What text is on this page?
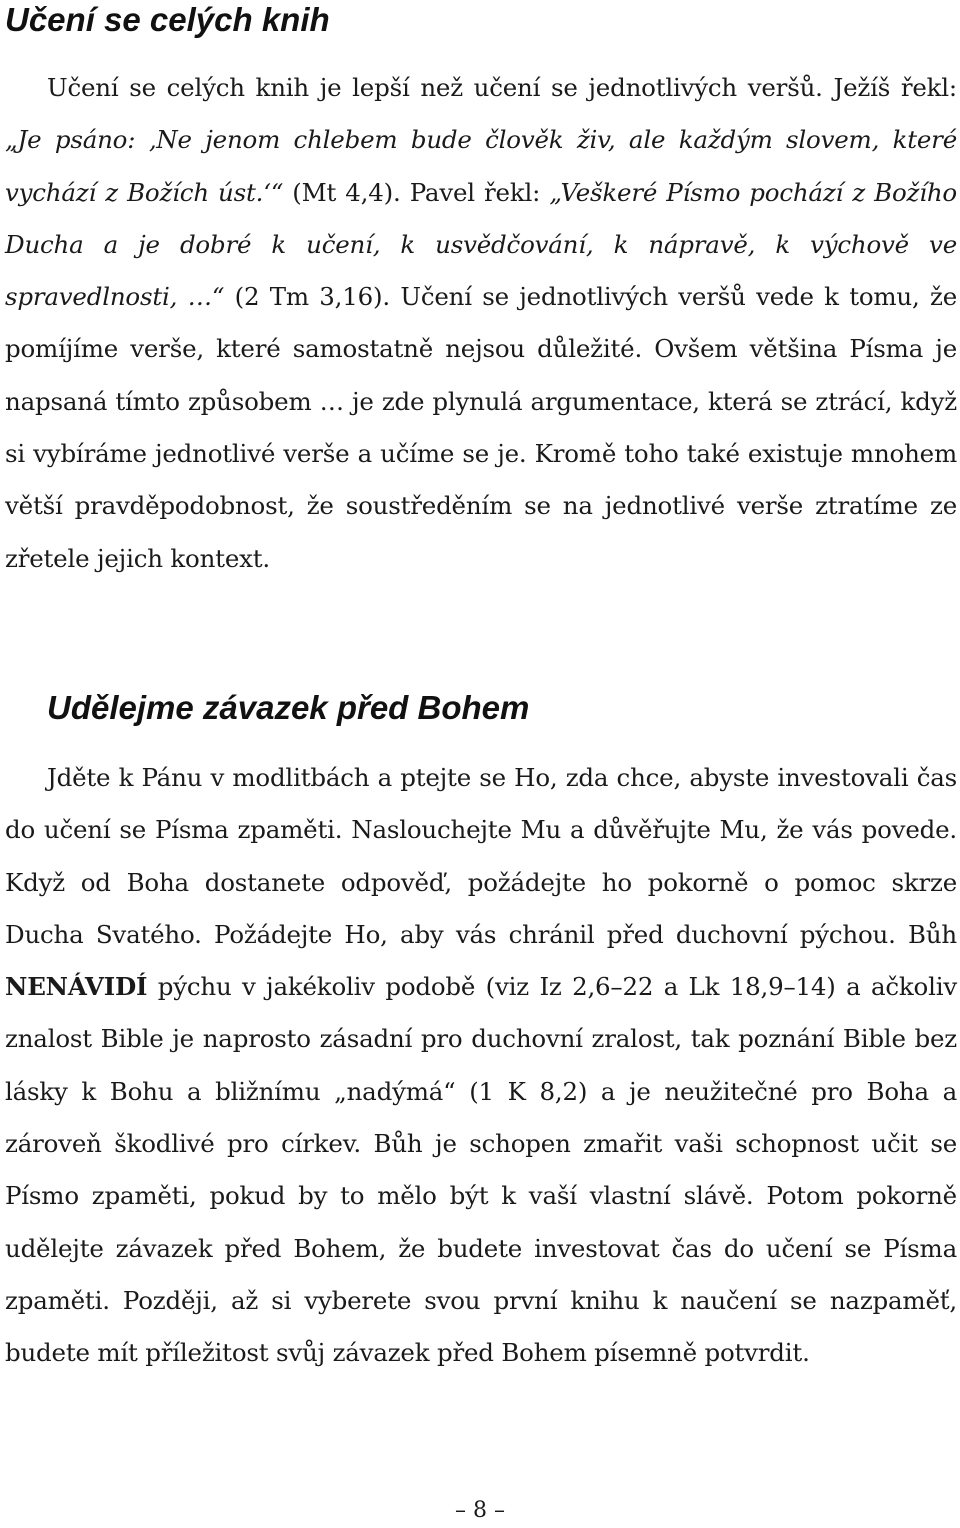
Učení se celých knih

Učení se celých knih je lepší než učení se jednotlivých veršů. Ježíš řekl: „Je psáno: ‚Ne jenom chlebem bude člověk živ, ale každým slovem, které vychází z Božích úst.‘“ (Mt 4,4). Pavel řekl: „Veškeré Písmo pochází z Božího Ducha a je dobré k učení, k usvědčování, k nápravě, k výchově ve spravedlnosti, …“ (2 Tm 3,16). Učení se jednotlivých veršů vede k tomu, že pomíjíme verše, které samostatně nejsou důležité. Ovšem většina Písma je napsaná tímto způsobem … je zde plynulá argumentace, která se ztrácí, když si vybíráme jednotlivé verše a učíme se je. Kromě toho také existuje mnohem větší pravděpodobnost, že soustředěním se na jednotlivé verše ztratíme ze zřetele jejich kontext.

Udělejme závazek před Bohem

Jděte k Pánu v modlitbách a ptejte se Ho, zda chce, abyste investovali čas do učení se Písma zpaměti. Naslouchejte Mu a důvěřujte Mu, že vás povede. Když od Boha dostanete odpověď, požádejte ho pokorně o pomoc skrze Ducha Svatého. Požádejte Ho, aby vás chránil před duchovní pýchou. Bůh NENÁVIDÍ pýchu v jakékoliv podobě (viz Iz 2,6–22 a Lk 18,9–14) a ačkoliv znalost Bible je naprosto zásadní pro duchovní zralost, tak poznání Bible bez lásky k Bohu a bližnímu „nadýmá“ (1 K 8,2) a je neužitečné pro Boha a zároveň škodlivé pro církev. Bůh je schopen zmařit vaši schopnost učit se Písmo zpaměti, pokud by to mělo být k vaší vlastní slávě. Potom pokorně udělejte závazek před Bohem, že budete investovat čas do učení se Písma zpaměti. Později, až si vyberete svou první knihu k naučení se nazpaměť, budete mít příležitost svůj závazek před Bohem písemně potvrdit.

– 8 –
